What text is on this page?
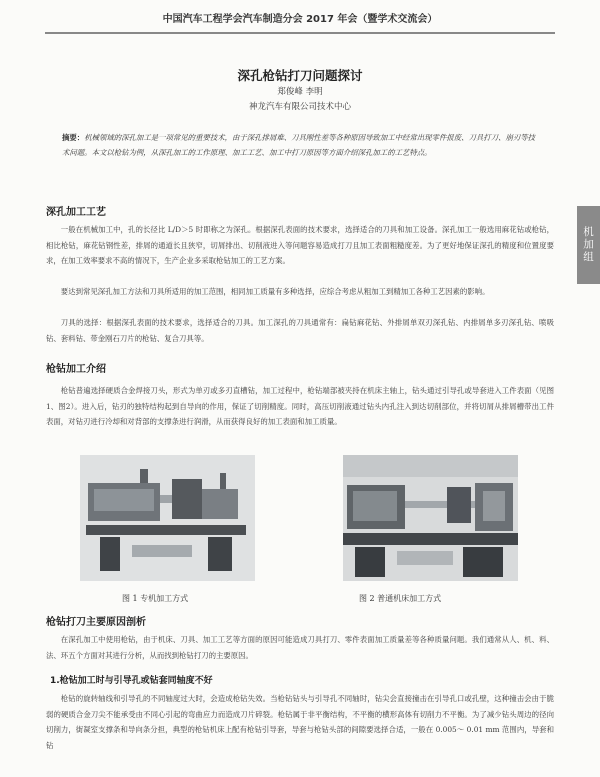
中国汽车工程学会汽车制造分会 2017 年会（暨学术交流会）
深孔枪钻打刀问题探讨
郑俊峰 李明
神龙汽车有限公司技术中心
摘要：机械领域的深孔加工是一项常见的重要技术，由于深孔排屑难、刀具刚性差等各种原因导致加工中经常出现零件报废、刀具打刀、崩刃等技术问题。本文以枪钻为例，从深孔加工的工作原理、加工工艺、加工中打刀原因等方面介绍深孔加工的工艺特点。
机加组
深孔加工工艺
一般在机械加工中，孔的长径比 L/D＞5 时即称之为深孔。根据深孔表面的技术要求，选择适合的刀具和加工设备。深孔加工一般选用麻花钻或枪钻，相比枪钻，麻花钻钢性差，排屑的通道长且狭窄，切屑排出、切削液进入等问题容易造成打刀且加工表面粗糙度差。为了更好地保证深孔的精度和位置度要求，在加工效率要求不高的情况下，生产企业多采取枪钻加工的工艺方案。
要达到常见深孔加工方法和刀具所适用的加工范围，相同加工质量有多种选择，应综合考虑从粗加工到精加工各种工艺因素的影响。
刀具的选择：根据深孔表面的技术要求，选择适合的刀具。加工深孔的刀具通常有：扁钻麻花钻、外排屑单双刃深孔钻、内排屑单多刃深孔钻、喷吸钻、套料钻、带金刚石刀片的枪钻、复合刀具等。
枪钻加工介绍
枪钻普遍选择硬质合金焊接刀头，形式为单刃或多刃直槽钻，加工过程中，枪钻端部被夹持在机床主轴上，钻头通过引导孔或导套进入工件表面（见图1、图2）。进入后，钻刃的独特结构起到自导向的作用，保证了切削精度。同时，高压切削液通过钻头内孔注入到达切削部位，并将切屑从排屑槽带出工件表面，对钻刃进行冷却和对背部的支撑条进行润滑，从而获得良好的加工表面和加工质量。
图 1 专机加工方式	图 2 普通机床加工方式
枪钻打刀主要原因剖析
在深孔加工中使用枪钻，由于机床、刀具、加工工艺等方面的原因可能造成刀具打刀、零件表面加工质量差等各种质量问题。我们通常从人、机、料、法、环五个方面对其进行分析，从而找到枪钻打刀的主要原因。
1.枪钻加工时与引导孔或钻套同轴度不好
枪钻的旋转轴线和引导孔的不同轴度过大时，会造成枪钻失效。当枪钻钻头与引导孔不同轴时，钻尖会直接撞击在引导孔口或孔壁，这种撞击会由于脆弱的硬质合金刀尖不能承受由不同心引起的弯曲应力而造成刀片碎裂。枪钻属于非平衡结构，不平衡的横形高体有切削力不平衡。为了减少钻头周边的径向切削力，街凝室支撑条和导向条分担，典型的枪钻机床上配有枪钻引导套，导套与枪钻头部的间隙要选择合适，一般在 0.005～ 0.01 mm 范围内，导套和钻
